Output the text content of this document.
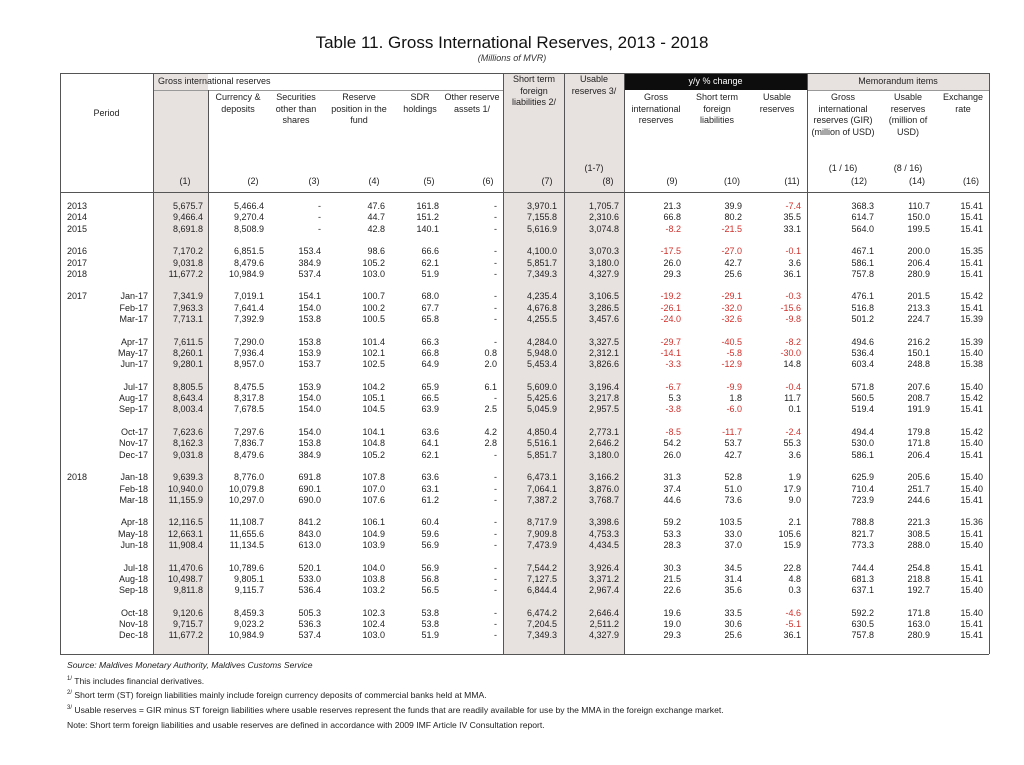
Table 11. Gross International Reserves, 2013 - 2018
(Millions of MVR)
Period
Gross international reserves	y/y % change	Memorandum items
Currency & deposits
Securities other than shares
Reserve position in the fund
SDR holdings
Other reserve assets 1/
Short term foreign liabilities 2/
Usable reserves 3/
Gross international reserves
Short term foreign liabilities
Usable reserves
Gross international reserves (GIR) (million of USD)
Usable reserves (million of USD)
Exchange rate
(1-7)	(1 / 16)	(8 / 16)
(1)	(2)	(3)	(4)	(5)	(6)	(7)	(8)	(9)	(10)	(11)	(12)	(14)	(16)
2013	5,675.7	5,466.4	-	47.6	161.8	-	3,970.1	1,705.7	21.3	39.9	-7.4	368.3	110.7	15.41
2014	9,466.4	9,270.4	-	44.7	151.2	-	7,155.8	2,310.6	66.8	80.2	35.5	614.7	150.0	15.41
2015	8,691.8	8,508.9	-	42.8	140.1	-	5,616.9	3,074.8	-8.2	-21.5	33.1	564.0	199.5	15.41
2016	7,170.2	6,851.5	153.4	98.6	66.6	-	4,100.0	3,070.3	-17.5	-27.0	-0.1	467.1	200.0	15.35
2017	9,031.8	8,479.6	384.9	105.2	62.1	-	5,851.7	3,180.0	26.0	42.7	3.6	586.1	206.4	15.41
2018	11,677.2	10,984.9	537.4	103.0	51.9	-	7,349.3	4,327.9	29.3	25.6	36.1	757.8	280.9	15.41
2017	Jan-17	7,341.9	7,019.1	154.1	100.7	68.0	-	4,235.4	3,106.5	-19.2	-29.1	-0.3	476.1	201.5	15.42
Feb-17	7,963.3	7,641.4	154.0	100.2	67.7	-	4,676.8	3,286.5	-26.1	-32.0	-15.6	516.8	213.3	15.41
Mar-17	7,713.1	7,392.9	153.8	100.5	65.8	-	4,255.5	3,457.6	-24.0	-32.6	-9.8	501.2	224.7	15.39
Apr-17	7,611.5	7,290.0	153.8	101.4	66.3	-	4,284.0	3,327.5	-29.7	-40.5	-8.2	494.6	216.2	15.39
May-17	8,260.1	7,936.4	153.9	102.1	66.8	0.8	5,948.0	2,312.1	-14.1	-5.8	-30.0	536.4	150.1	15.40
Jun-17	9,280.1	8,957.0	153.7	102.5	64.9	2.0	5,453.4	3,826.6	-3.3	-12.9	14.8	603.4	248.8	15.38
Jul-17	8,805.5	8,475.5	153.9	104.2	65.9	6.1	5,609.0	3,196.4	-6.7	-9.9	-0.4	571.8	207.6	15.40
Aug-17	8,643.4	8,317.8	154.0	105.1	66.5	-	5,425.6	3,217.8	5.3	1.8	11.7	560.5	208.7	15.42
Sep-17	8,003.4	7,678.5	154.0	104.5	63.9	2.5	5,045.9	2,957.5	-3.8	-6.0	0.1	519.4	191.9	15.41
Oct-17	7,623.6	7,297.6	154.0	104.1	63.6	4.2	4,850.4	2,773.1	-8.5	-11.7	-2.4	494.4	179.8	15.42
Nov-17	8,162.3	7,836.7	153.8	104.8	64.1	2.8	5,516.1	2,646.2	54.2	53.7	55.3	530.0	171.8	15.40
Dec-17	9,031.8	8,479.6	384.9	105.2	62.1	-	5,851.7	3,180.0	26.0	42.7	3.6	586.1	206.4	15.41
2018	Jan-18	9,639.3	8,776.0	691.8	107.8	63.6	-	6,473.1	3,166.2	31.3	52.8	1.9	625.9	205.6	15.40
Feb-18	10,940.0	10,079.8	690.1	107.0	63.1	-	7,064.1	3,876.0	37.4	51.0	17.9	710.4	251.7	15.40
Mar-18	11,155.9	10,297.0	690.0	107.6	61.2	-	7,387.2	3,768.7	44.6	73.6	9.0	723.9	244.6	15.41
Apr-18	12,116.5	11,108.7	841.2	106.1	60.4	-	8,717.9	3,398.6	59.2	103.5	2.1	788.8	221.3	15.36
May-18	12,663.1	11,655.6	843.0	104.9	59.6	-	7,909.8	4,753.3	53.3	33.0	105.6	821.7	308.5	15.41
Jun-18	11,908.4	11,134.5	613.0	103.9	56.9	-	7,473.9	4,434.5	28.3	37.0	15.9	773.3	288.0	15.40
Jul-18	11,470.6	10,789.6	520.1	104.0	56.9	-	7,544.2	3,926.4	30.3	34.5	22.8	744.4	254.8	15.41
Aug-18	10,498.7	9,805.1	533.0	103.8	56.8	-	7,127.5	3,371.2	21.5	31.4	4.8	681.3	218.8	15.41
Sep-18	9,811.8	9,115.7	536.4	103.2	56.5	-	6,844.4	2,967.4	22.6	35.6	0.3	637.1	192.7	15.40
Oct-18	9,120.6	8,459.3	505.3	102.3	53.8	-	6,474.2	2,646.4	19.6	33.5	-4.6	592.2	171.8	15.40
Nov-18	9,715.7	9,023.2	536.3	102.4	53.8	-	7,204.5	2,511.2	19.0	30.6	-5.1	630.5	163.0	15.41
Dec-18	11,677.2	10,984.9	537.4	103.0	51.9	-	7,349.3	4,327.9	29.3	25.6	36.1	757.8	280.9	15.41
Source: Maldives Monetary Authority, Maldives Customs Service
$^{1/}$ This includes financial derivatives.
$^{2/}$ Short term (ST) foreign liabilities mainly include foreign currency deposits of commercial banks held at MMA.
$^{3/}$ Usable reserves = GIR minus ST foreign liabilities where usable reserves represent the funds that are readily available for use by the MMA in the foreign exchange market.
Note: Short term foreign liabilities and usable reserves are defined in accordance with 2009 IMF Article IV Consultation report.
